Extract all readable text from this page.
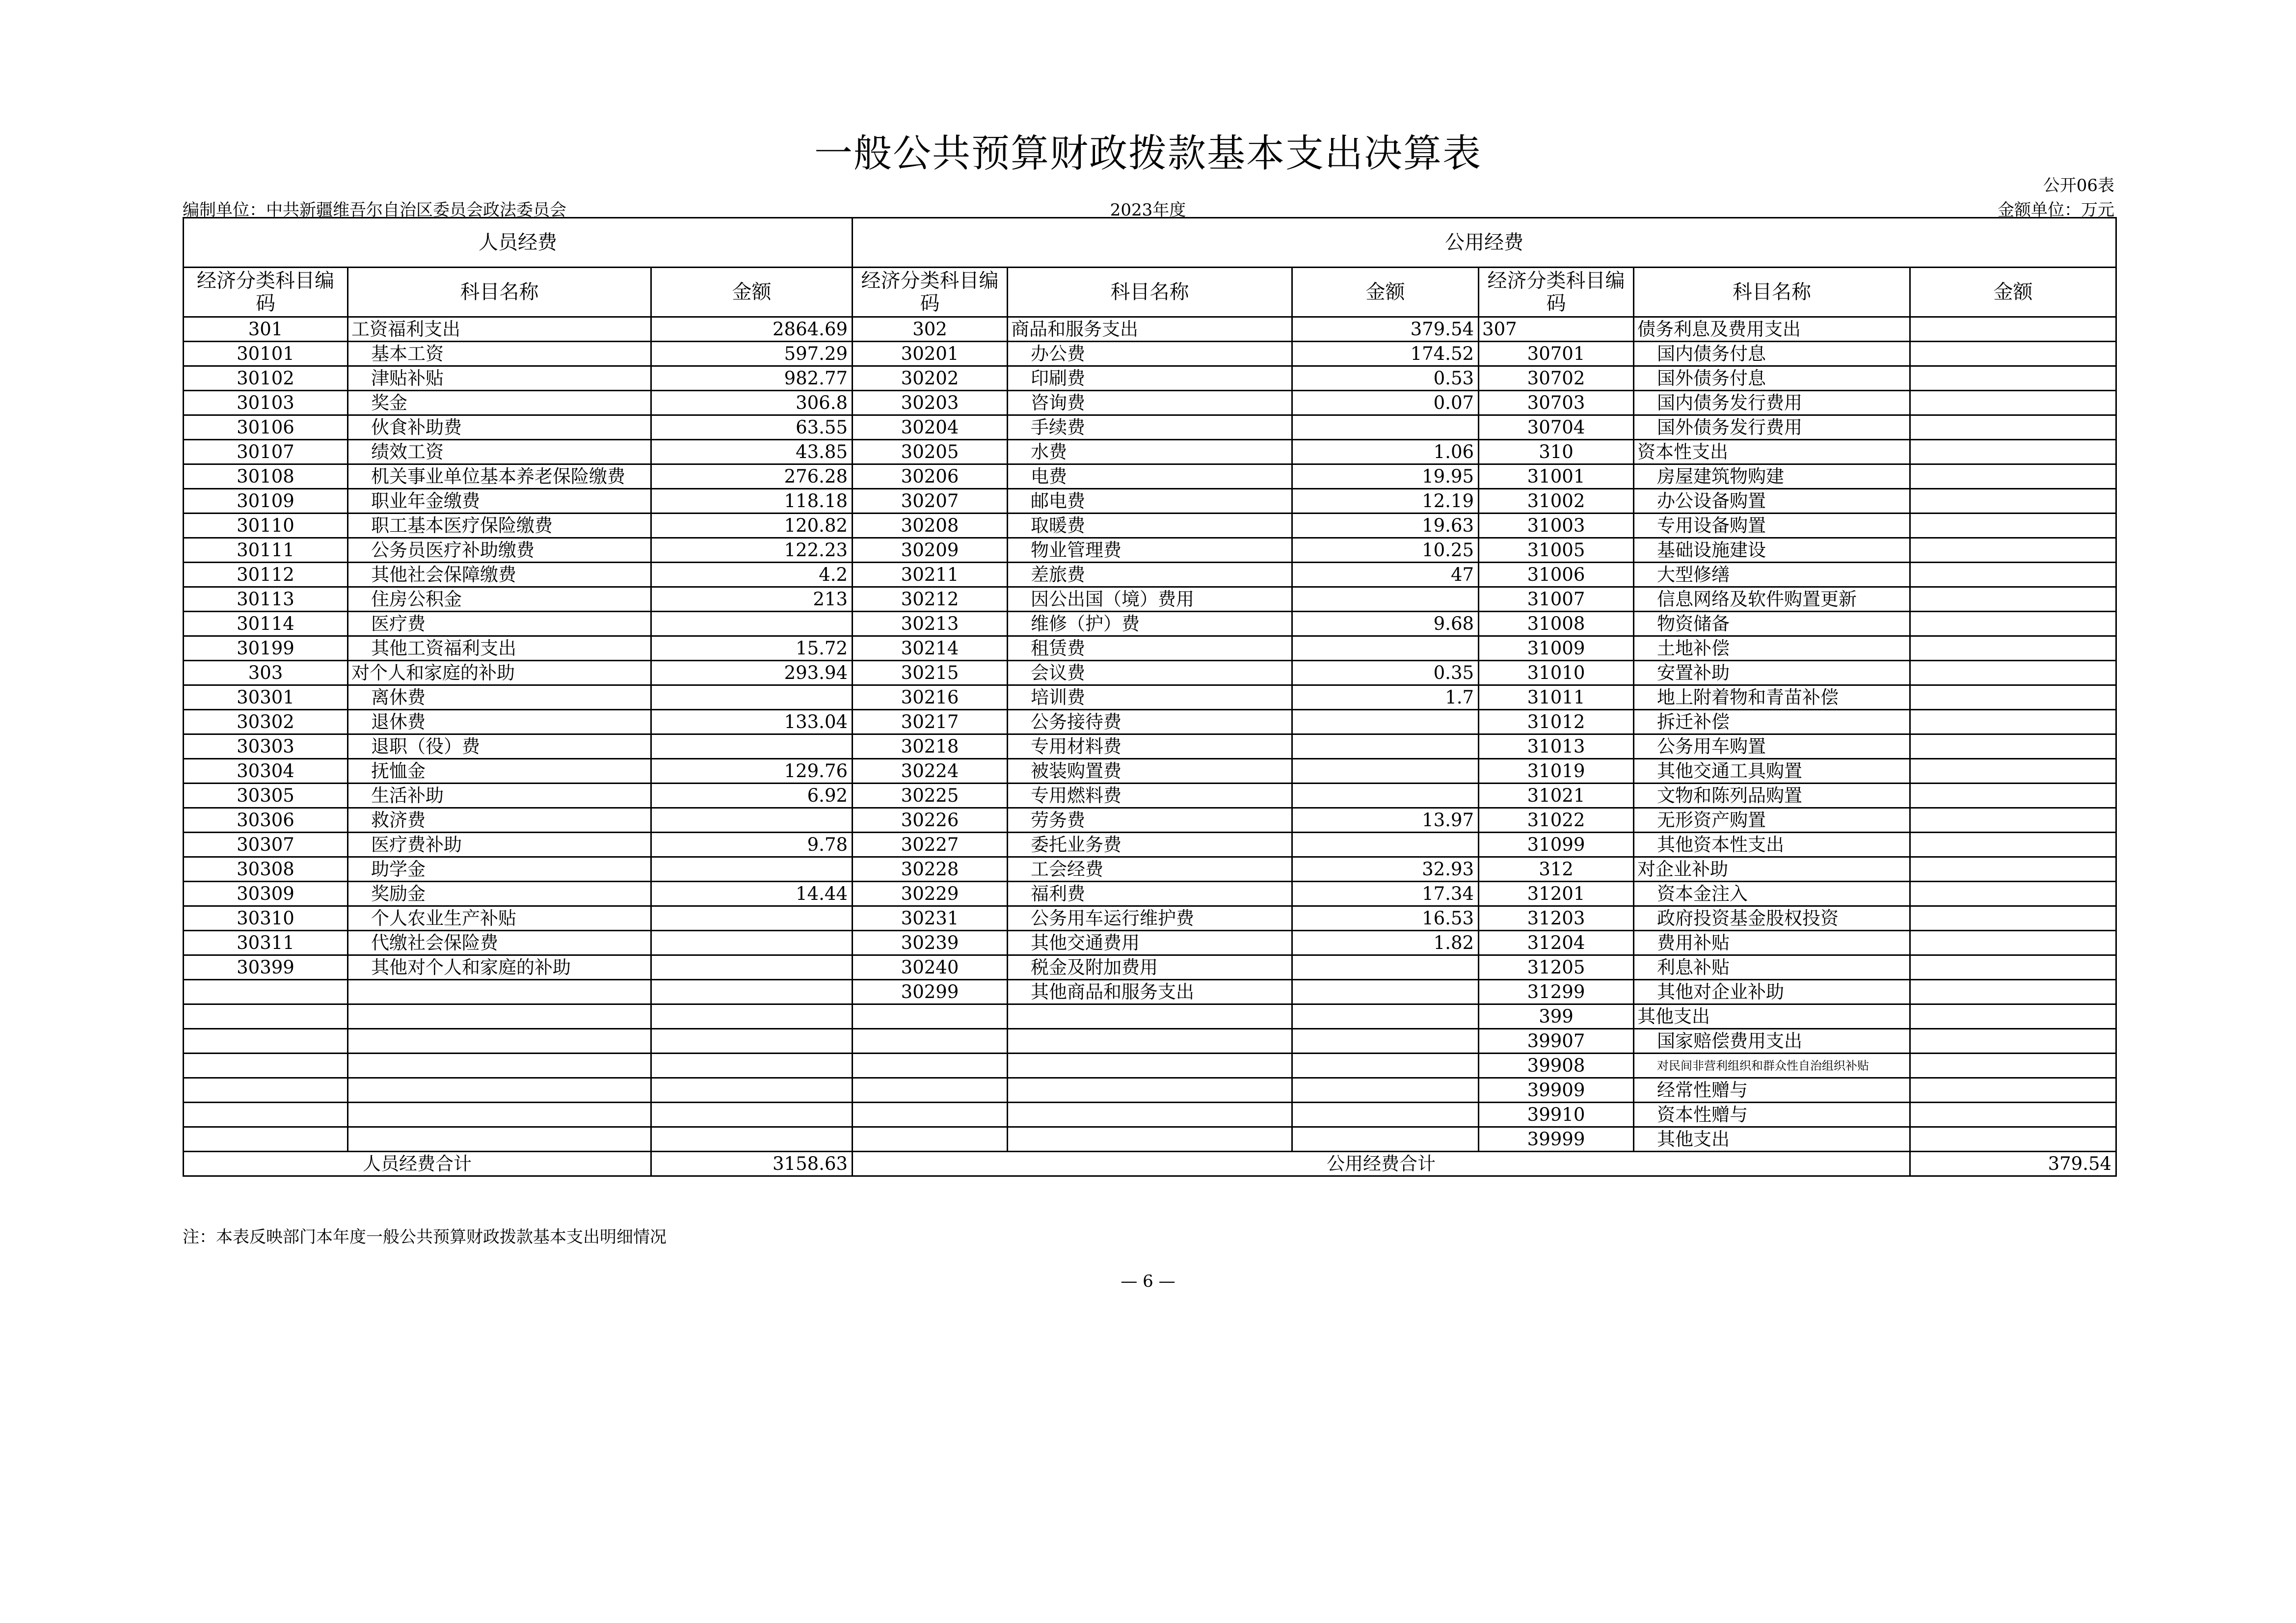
一般公共预算财政拨款基本支出决算表
公开06表
编制单位：中共新疆维吾尔自治区委员会政法委员会	2023年度	金额单位：万元
人员经费			公用经费					
经济分类科目编码	科目名称	金额	经济分类科目编码	科目名称	金额	经济分类科目编码	科目名称	金额
301	工资福利支出	2864.69	302	商品和服务支出	379.54	307	债务利息及费用支出	
30101	基本工资	597.29	30201	办公费	174.52	30701	国内债务付息	
30102	津贴补贴	982.77	30202	印刷费	0.53	30702	国外债务付息	
30103	奖金	306.8	30203	咨询费	0.07	30703	国内债务发行费用	
30106	伙食补助费	63.55	30204	手续费		30704	国外债务发行费用	
30107	绩效工资	43.85	30205	水费	1.06	310	资本性支出	
30108	机关事业单位基本养老保险缴费	276.28	30206	电费	19.95	31001	房屋建筑物购建	
30109	职业年金缴费	118.18	30207	邮电费	12.19	31002	办公设备购置	
30110	职工基本医疗保险缴费	120.82	30208	取暖费	19.63	31003	专用设备购置	
30111	公务员医疗补助缴费	122.23	30209	物业管理费	10.25	31005	基础设施建设	
30112	其他社会保障缴费	4.2	30211	差旅费	47	31006	大型修缮	
30113	住房公积金	213	30212	因公出国（境）费用		31007	信息网络及软件购置更新	
30114	医疗费		30213	维修（护）费	9.68	31008	物资储备	
30199	其他工资福利支出	15.72	30214	租赁费		31009	土地补偿	
303	对个人和家庭的补助	293.94	30215	会议费	0.35	31010	安置补助	
30301	离休费		30216	培训费	1.7	31011	地上附着物和青苗补偿	
30302	退休费	133.04	30217	公务接待费		31012	拆迁补偿	
30303	退职（役）费		30218	专用材料费		31013	公务用车购置	
30304	抚恤金	129.76	30224	被装购置费		31019	其他交通工具购置	
30305	生活补助	6.92	30225	专用燃料费		31021	文物和陈列品购置	
30306	救济费		30226	劳务费	13.97	31022	无形资产购置	
30307	医疗费补助	9.78	30227	委托业务费		31099	其他资本性支出	
30308	助学金		30228	工会经费	32.93	312	对企业补助	
30309	奖励金	14.44	30229	福利费	17.34	31201	资本金注入	
30310	个人农业生产补贴		30231	公务用车运行维护费	16.53	31203	政府投资基金股权投资	
30311	代缴社会保险费		30239	其他交通费用	1.82	31204	费用补贴	
30399	其他对个人和家庭的补助		30240	税金及附加费用		31205	利息补贴	
			30299	其他商品和服务支出		31299	其他对企业补助	
						399	其他支出	
						39907	国家赔偿费用支出	
						39908	对民间非营利组织和群众性自治组织补贴	
						39909	经常性赠与	
						39910	资本性赠与	
						39999	其他支出	
人员经费合计		3158.63	公用经费合计					379.54
注：本表反映部门本年度一般公共预算财政拨款基本支出明细情况
— 6 —
